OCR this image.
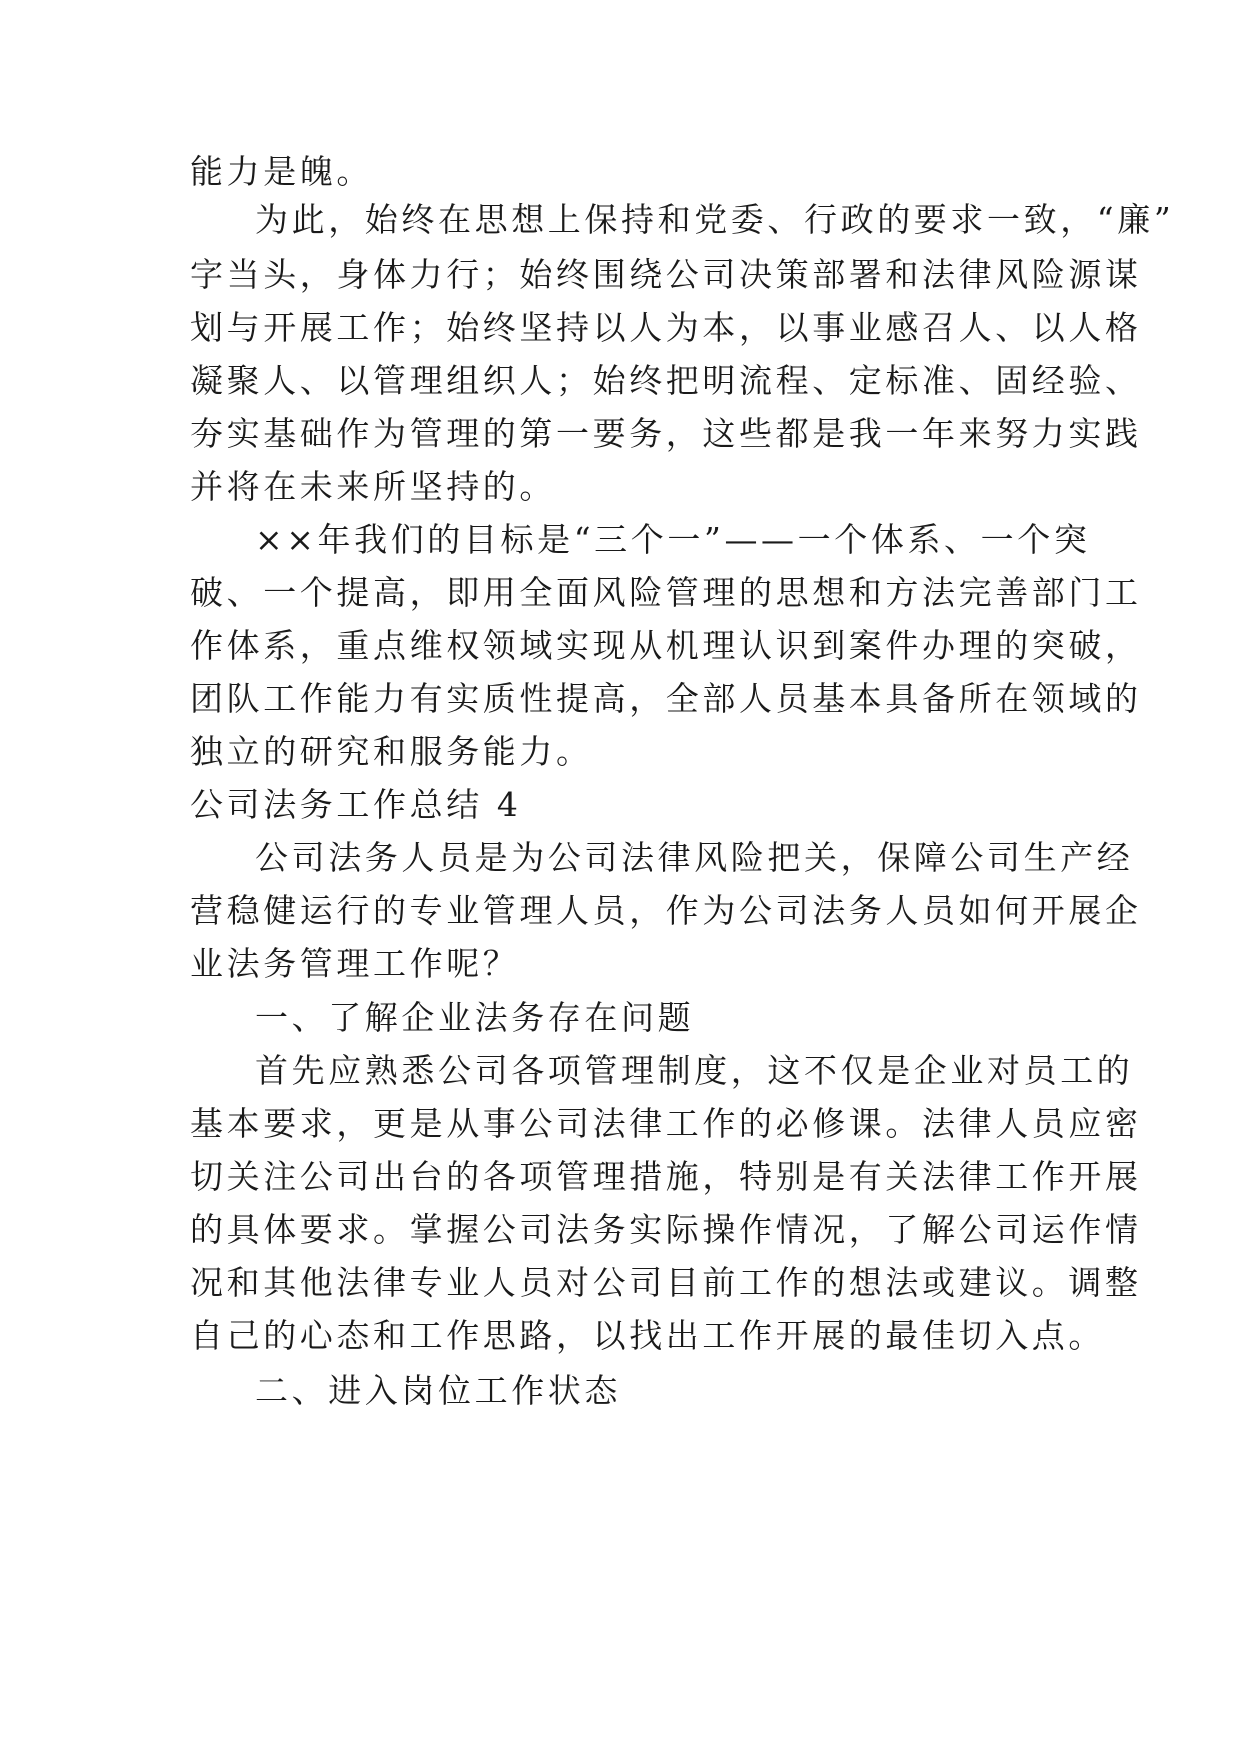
能力是魄。
为此，始终在思想上保持和党委、行政的要求一致，“廉”
字当头，身体力行；始终围绕公司决策部署和法律风险源谋
划与开展工作；始终坚持以人为本，以事业感召人、以人格
凝聚人、以管理组织人；始终把明流程、定标准、固经验、
夯实基础作为管理的第一要务，这些都是我一年来努力实践
并将在未来所坚持的。
××年我们的目标是“三个一”——一个体系、一个突
破、一个提高，即用全面风险管理的思想和方法完善部门工
作体系，重点维权领域实现从机理认识到案件办理的突破，
团队工作能力有实质性提高，全部人员基本具备所在领域的
独立的研究和服务能力。
公司法务工作总结 4
公司法务人员是为公司法律风险把关，保障公司生产经
营稳健运行的专业管理人员，作为公司法务人员如何开展企
业法务管理工作呢？
一、了解企业法务存在问题
首先应熟悉公司各项管理制度，这不仅是企业对员工的
基本要求，更是从事公司法律工作的必修课。法律人员应密
切关注公司出台的各项管理措施，特别是有关法律工作开展
的具体要求。掌握公司法务实际操作情况，了解公司运作情
况和其他法律专业人员对公司目前工作的想法或建议。调整
自己的心态和工作思路，以找出工作开展的最佳切入点。
二、进入岗位工作状态
